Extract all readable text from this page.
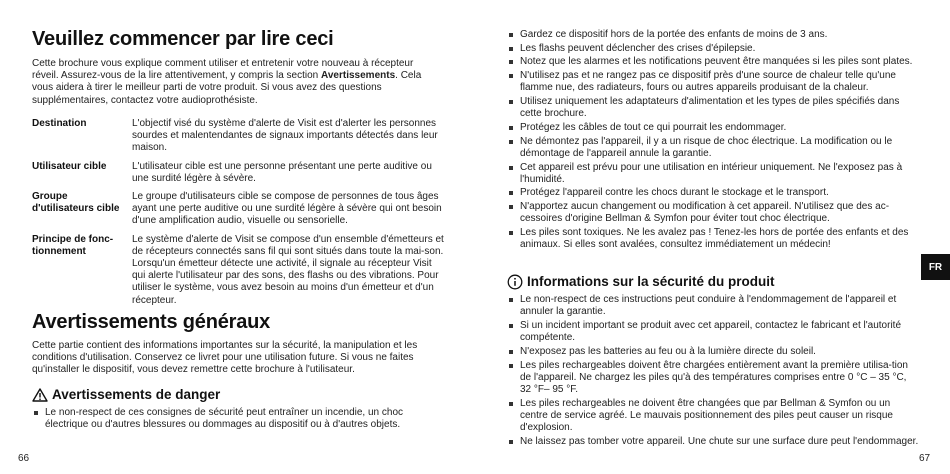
Veuillez commencer par lire ceci

Cette brochure vous explique comment utiliser et entretenir votre nouveau à récepteur réveil. Assurez-vous de la lire attentivement, y compris la section Avertissements. Cela vous aidera à tirer le meilleur parti de votre produit. Si vous avez des questions supplémentaires, contactez votre audioprothésiste.

Destination	L'objectif visé du système d'alerte de Visit est d'alerter les personnes sourdes et malentendantes de signaux importants détectés dans leur maison.
Utilisateur cible	L'utilisateur cible est une personne présentant une perte auditive ou une surdité légère à sévère.
Groupe d'utilisateurs cible	Le groupe d'utilisateurs cible se compose de personnes de tous âges ayant une perte auditive ou une surdité légère à sévère qui ont besoin d'une amplification audio, visuelle ou sensorielle.
Principe de fonc-tionnement	Le système d'alerte de Visit se compose d'un ensemble d'émetteurs et de récepteurs connectés sans fil qui sont situés dans toute la mai-son. Lorsqu'un émetteur détecte une activité, il signale au récepteur Visit qui alerte l'utilisateur par des sons, des flashs ou des vibrations. Pour utiliser le système, vous avez besoin au moins d'un émetteur et d'un récepteur.
Avertissements généraux

Cette partie contient des informations importantes sur la sécurité, la manipulation et les conditions d'utilisation. Conservez ce livret pour une utilisation future. Si vous ne faites qu'installer le dispositif, vous devez remettre cette brochure à l'utilisateur.

Avertissements de danger
Le non-respect de ces consignes de sécurité peut entraîner un incendie, un choc électrique ou d'autres blessures ou dommages au dispositif ou à d'autres objets.
66
Gardez ce dispositif hors de la portée des enfants de moins de 3 ans.
Les flashs peuvent déclencher des crises d'épilepsie.
Notez que les alarmes et les notifications peuvent être manquées si les piles sont plates.
N'utilisez pas et ne rangez pas ce dispositif près d'une source de chaleur telle qu'une flamme nue, des radiateurs, fours ou autres appareils produisant de la chaleur.
Utilisez uniquement les adaptateurs d'alimentation et les types de piles spécifiés dans cette brochure.
Protégez les câbles de tout ce qui pourrait les endommager.
Ne démontez pas l'appareil, il y a un risque de choc électrique. La modification ou le démontage de l'appareil annule la garantie.
Cet appareil est prévu pour une utilisation en intérieur uniquement. Ne l'exposez pas à l'humidité.
Protégez l'appareil contre les chocs durant le stockage et le transport.
N'apportez aucun changement ou modification à cet appareil. N'utilisez que des ac-cessoires d'origine Bellman & Symfon pour éviter tout choc électrique.
Les piles sont toxiques. Ne les avalez pas ! Tenez-les hors de portée des enfants et des animaux. Si elles sont avalées, consultez immédiatement un médecin!
Informations sur la sécurité du produit
Le non-respect de ces instructions peut conduire à l'endommagement de l'appareil et annuler la garantie.
Si un incident important se produit avec cet appareil, contactez le fabricant et l'autorité compétente.
N'exposez pas les batteries au feu ou à la lumière directe du soleil.
Les piles rechargeables doivent être chargées entièrement avant la première utilisa-tion de l'appareil. Ne chargez les piles qu'à des températures comprises entre 0 °C – 35 °C, 32 °F– 95 °F.
Les piles rechargeables ne doivent être changées que par Bellman & Symfon ou un centre de service agréé. Le mauvais positionnement des piles peut causer un risque d'explosion.
Ne laissez pas tomber votre appareil. Une chute sur une surface dure peut l'endommager.
FR
67
